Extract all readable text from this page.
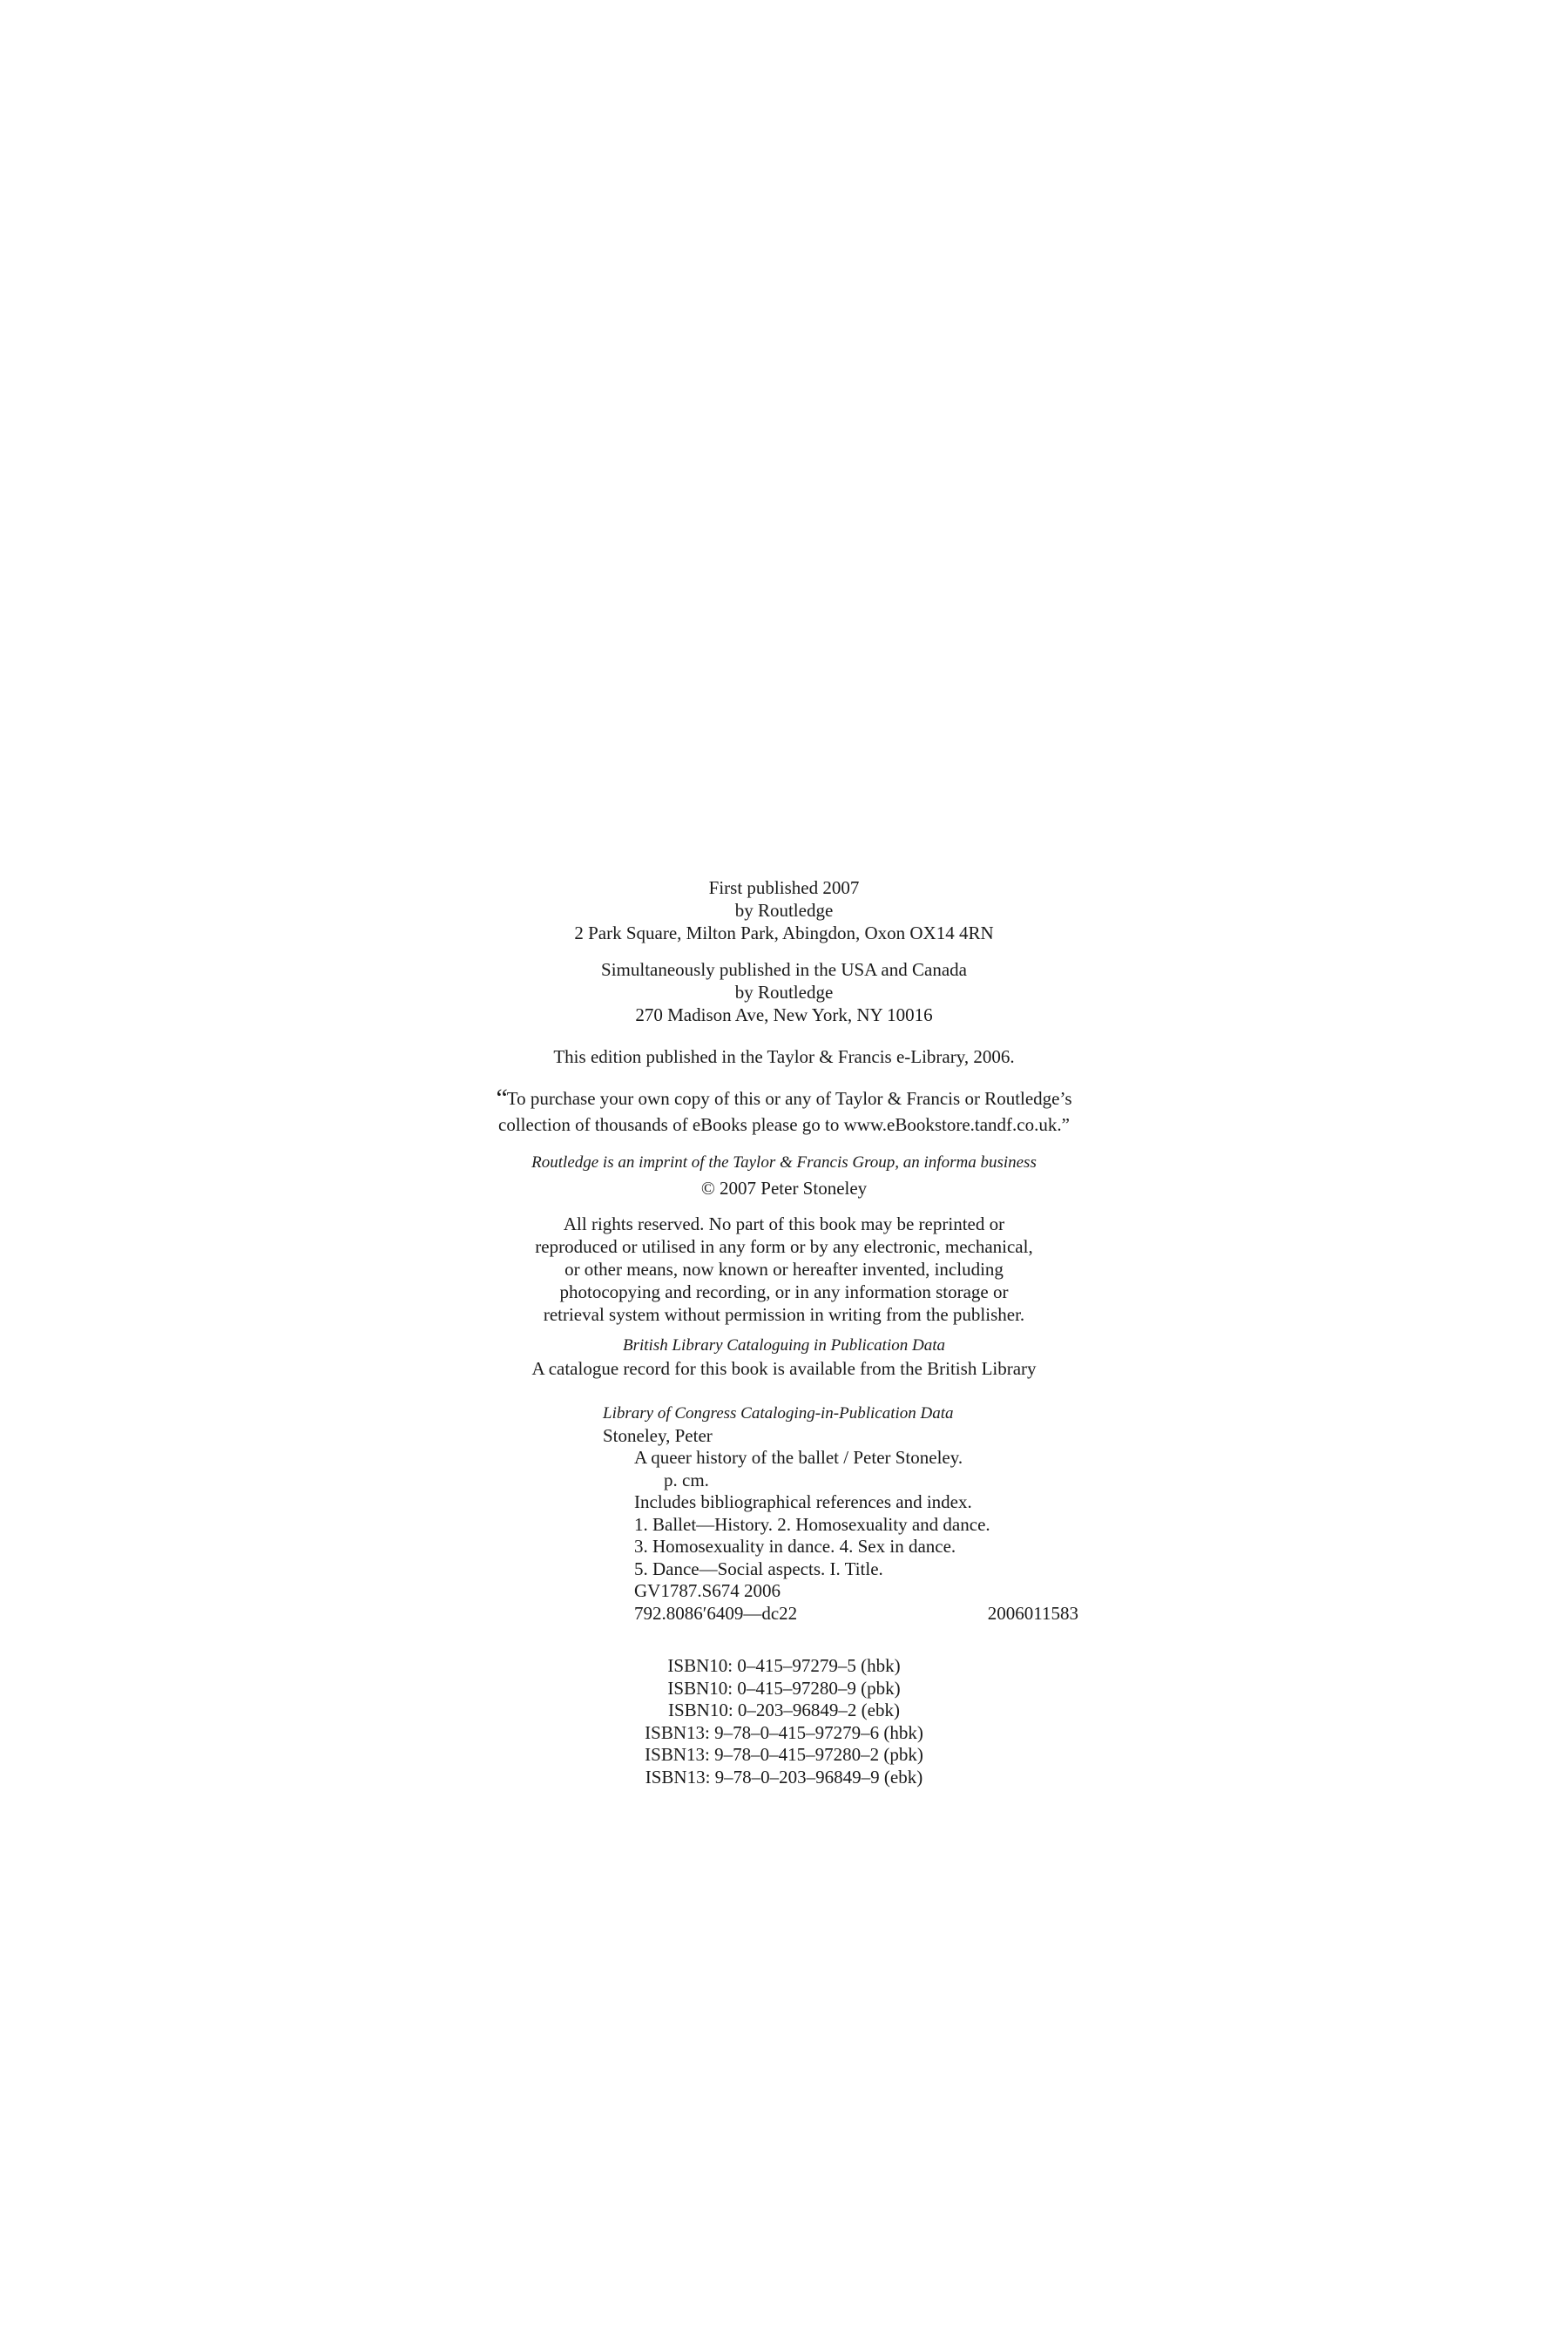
First published 2007
by Routledge
2 Park Square, Milton Park, Abingdon, Oxon OX14 4RN
Simultaneously published in the USA and Canada
by Routledge
270 Madison Ave, New York, NY 10016
This edition published in the Taylor & Francis e-Library, 2006.
“To purchase your own copy of this or any of Taylor & Francis or Routledge’s
collection of thousands of eBooks please go to www.eBookstore.tandf.co.uk.”
Routledge is an imprint of the Taylor & Francis Group, an informa business
© 2007 Peter Stoneley
All rights reserved. No part of this book may be reprinted or
reproduced or utilised in any form or by any electronic, mechanical,
or other means, now known or hereafter invented, including
photocopying and recording, or in any information storage or
retrieval system without permission in writing from the publisher.
British Library Cataloguing in Publication Data
A catalogue record for this book is available from the British Library
Library of Congress Cataloging-in-Publication Data
Stoneley, Peter
A queer history of the ballet / Peter Stoneley.
p. cm.
Includes bibliographical references and index.
1. Ballet—History. 2. Homosexuality and dance.
3. Homosexuality in dance. 4. Sex in dance.
5. Dance—Social aspects. I. Title.
GV1787.S674 2006
792.8086′6409—dc22	2006011583
ISBN10: 0–415–97279–5 (hbk)
ISBN10: 0–415–97280–9 (pbk)
ISBN10: 0–203–96849–2 (ebk)
ISBN13: 9–78–0–415–97279–6 (hbk)
ISBN13: 9–78–0–415–97280–2 (pbk)
ISBN13: 9–78–0–203–96849–9 (ebk)
